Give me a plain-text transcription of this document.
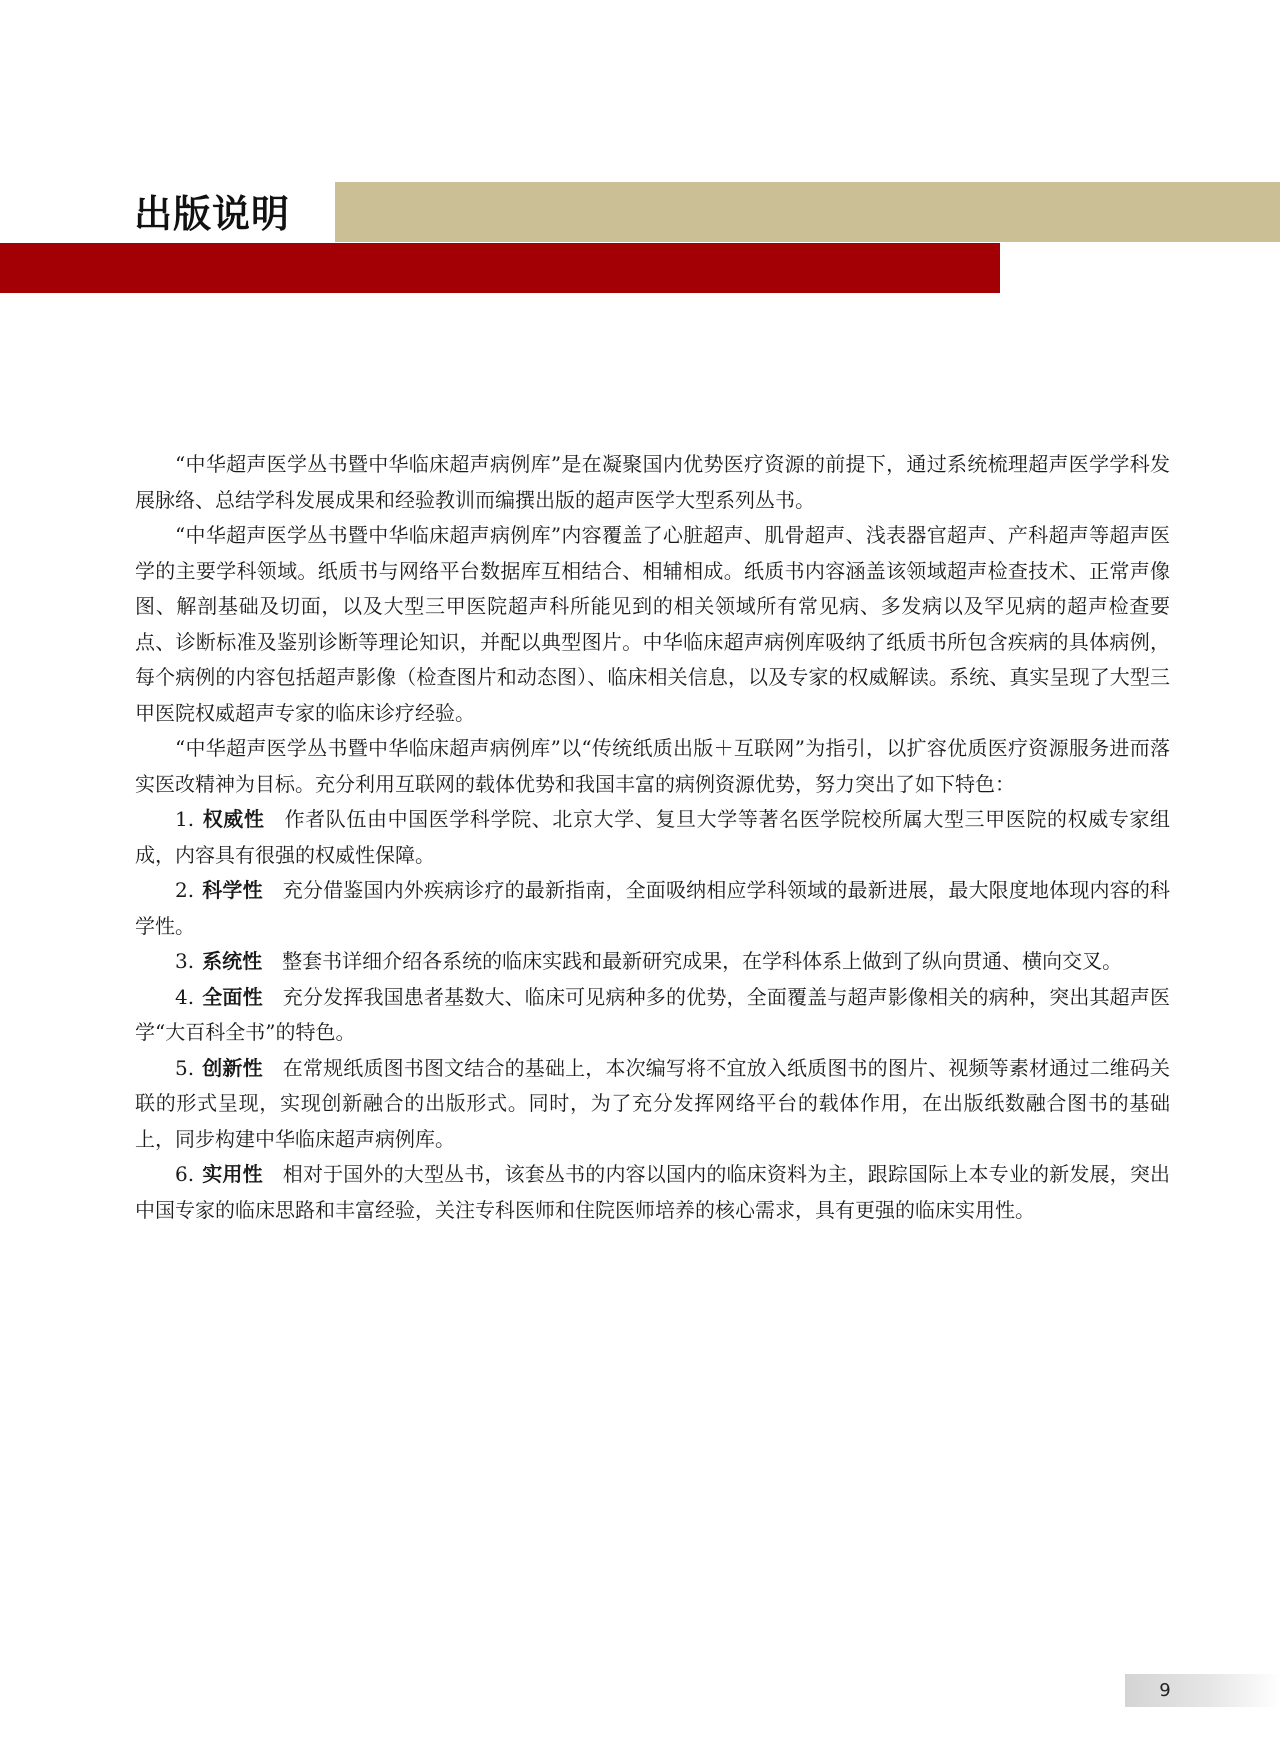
出版说明

“中华超声医学丛书暨中华临床超声病例库”是在凝聚国内优势医疗资源的前提下，通过系统梳理超声医学学科发展脉络、总结学科发展成果和经验教训而编撰出版的超声医学大型系列丛书。

“中华超声医学丛书暨中华临床超声病例库”内容覆盖了心脏超声、肌骨超声、浅表器官超声、产科超声等超声医学的主要学科领域。纸质书与网络平台数据库互相结合、相辅相成。纸质书内容涵盖该领域超声检查技术、正常声像图、解剖基础及切面，以及大型三甲医院超声科所能见到的相关领域所有常见病、多发病以及罕见病的超声检查要点、诊断标准及鉴别诊断等理论知识，并配以典型图片。中华临床超声病例库吸纳了纸质书所包含疾病的具体病例，每个病例的内容包括超声影像（检查图片和动态图）、临床相关信息，以及专家的权威解读。系统、真实呈现了大型三甲医院权威超声专家的临床诊疗经验。

“中华超声医学丛书暨中华临床超声病例库”以“传统纸质出版＋互联网”为指引，以扩容优质医疗资源服务进而落实医改精神为目标。充分利用互联网的载体优势和我国丰富的病例资源优势，努力突出了如下特色：

1. 权威性 作者队伍由中国医学科学院、北京大学、复旦大学等著名医学院校所属大型三甲医院的权威专家组成，内容具有很强的权威性保障。

2. 科学性 充分借鉴国内外疾病诊疗的最新指南，全面吸纳相应学科领域的最新进展，最大限度地体现内容的科学性。

3. 系统性 整套书详细介绍各系统的临床实践和最新研究成果，在学科体系上做到了纵向贯通、横向交叉。

4. 全面性 充分发挥我国患者基数大、临床可见病种多的优势，全面覆盖与超声影像相关的病种，突出其超声医学“大百科全书”的特色。

5. 创新性 在常规纸质图书图文结合的基础上，本次编写将不宜放入纸质图书的图片、视频等素材通过二维码关联的形式呈现，实现创新融合的出版形式。同时，为了充分发挥网络平台的载体作用，在出版纸数融合图书的基础上，同步构建中华临床超声病例库。

6. 实用性 相对于国外的大型丛书，该套丛书的内容以国内的临床资料为主，跟踪国际上本专业的新发展，突出中国专家的临床思路和丰富经验，关注专科医师和住院医师培养的核心需求，具有更强的临床实用性。

9
